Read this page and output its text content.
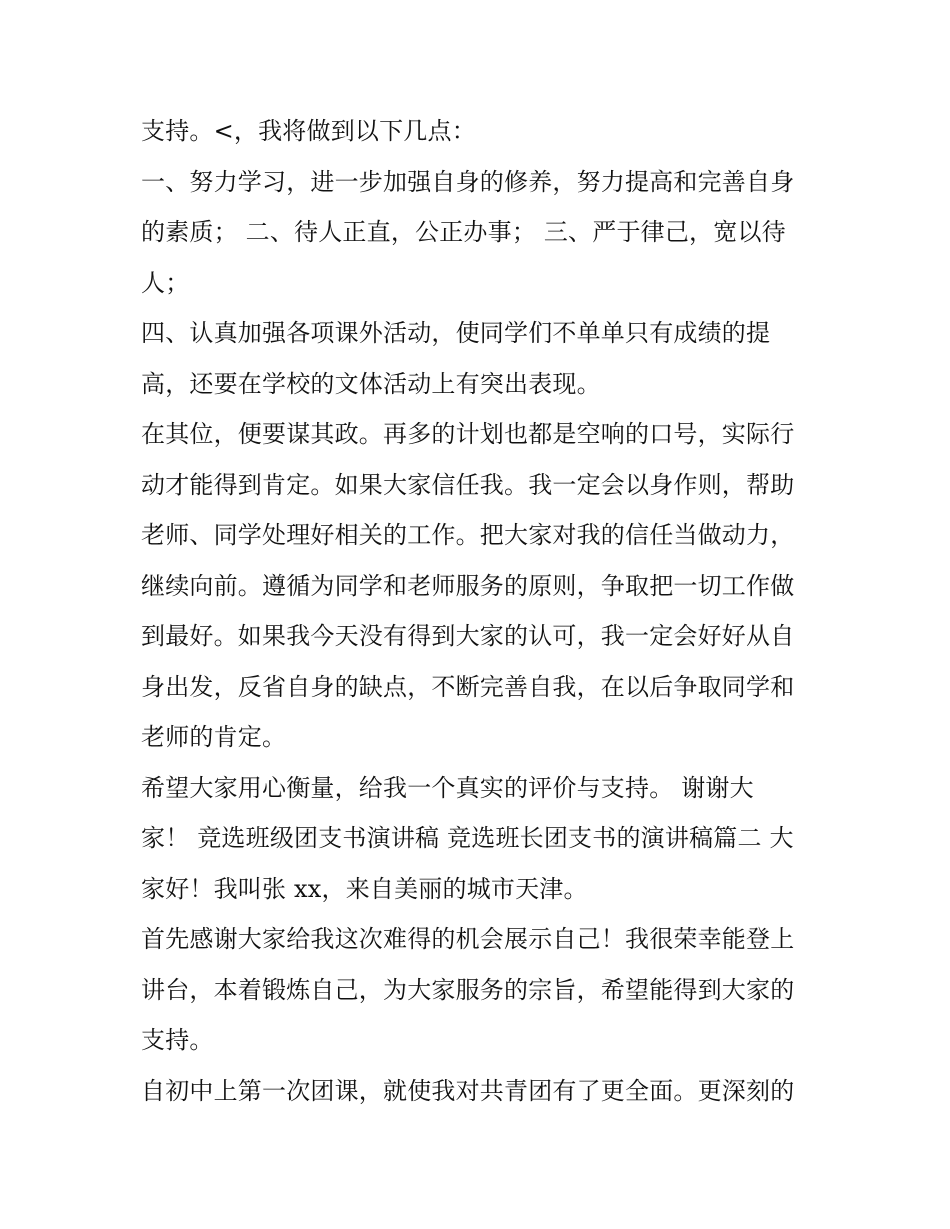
支持。<，我将做到以下几点：
一、努力学习，进一步加强自身的修养，努力提高和完善自身
的素质； 二、待人正直，公正办事； 三、严于律己，宽以待
人；
四、认真加强各项课外活动，使同学们不单单只有成绩的提
高，还要在学校的文体活动上有突出表现。
在其位，便要谋其政。再多的计划也都是空响的口号，实际行
动才能得到肯定。如果大家信任我。我一定会以身作则，帮助
老师、同学处理好相关的工作。把大家对我的信任当做动力，
继续向前。遵循为同学和老师服务的原则，争取把一切工作做
到最好。如果我今天没有得到大家的认可，我一定会好好从自
身出发，反省自身的缺点，不断完善自我，在以后争取同学和
老师的肯定。
希望大家用心衡量，给我一个真实的评价与支持。 谢谢大
家！ 竞选班级团支书演讲稿 竞选班长团支书的演讲稿篇二 大
家好！我叫张 xx，来自美丽的城市天津。
首先感谢大家给我这次难得的机会展示自己！我很荣幸能登上
讲台，本着锻炼自己，为大家服务的宗旨，希望能得到大家的
支持。
自初中上第一次团课，就使我对共青团有了更全面。更深刻的
